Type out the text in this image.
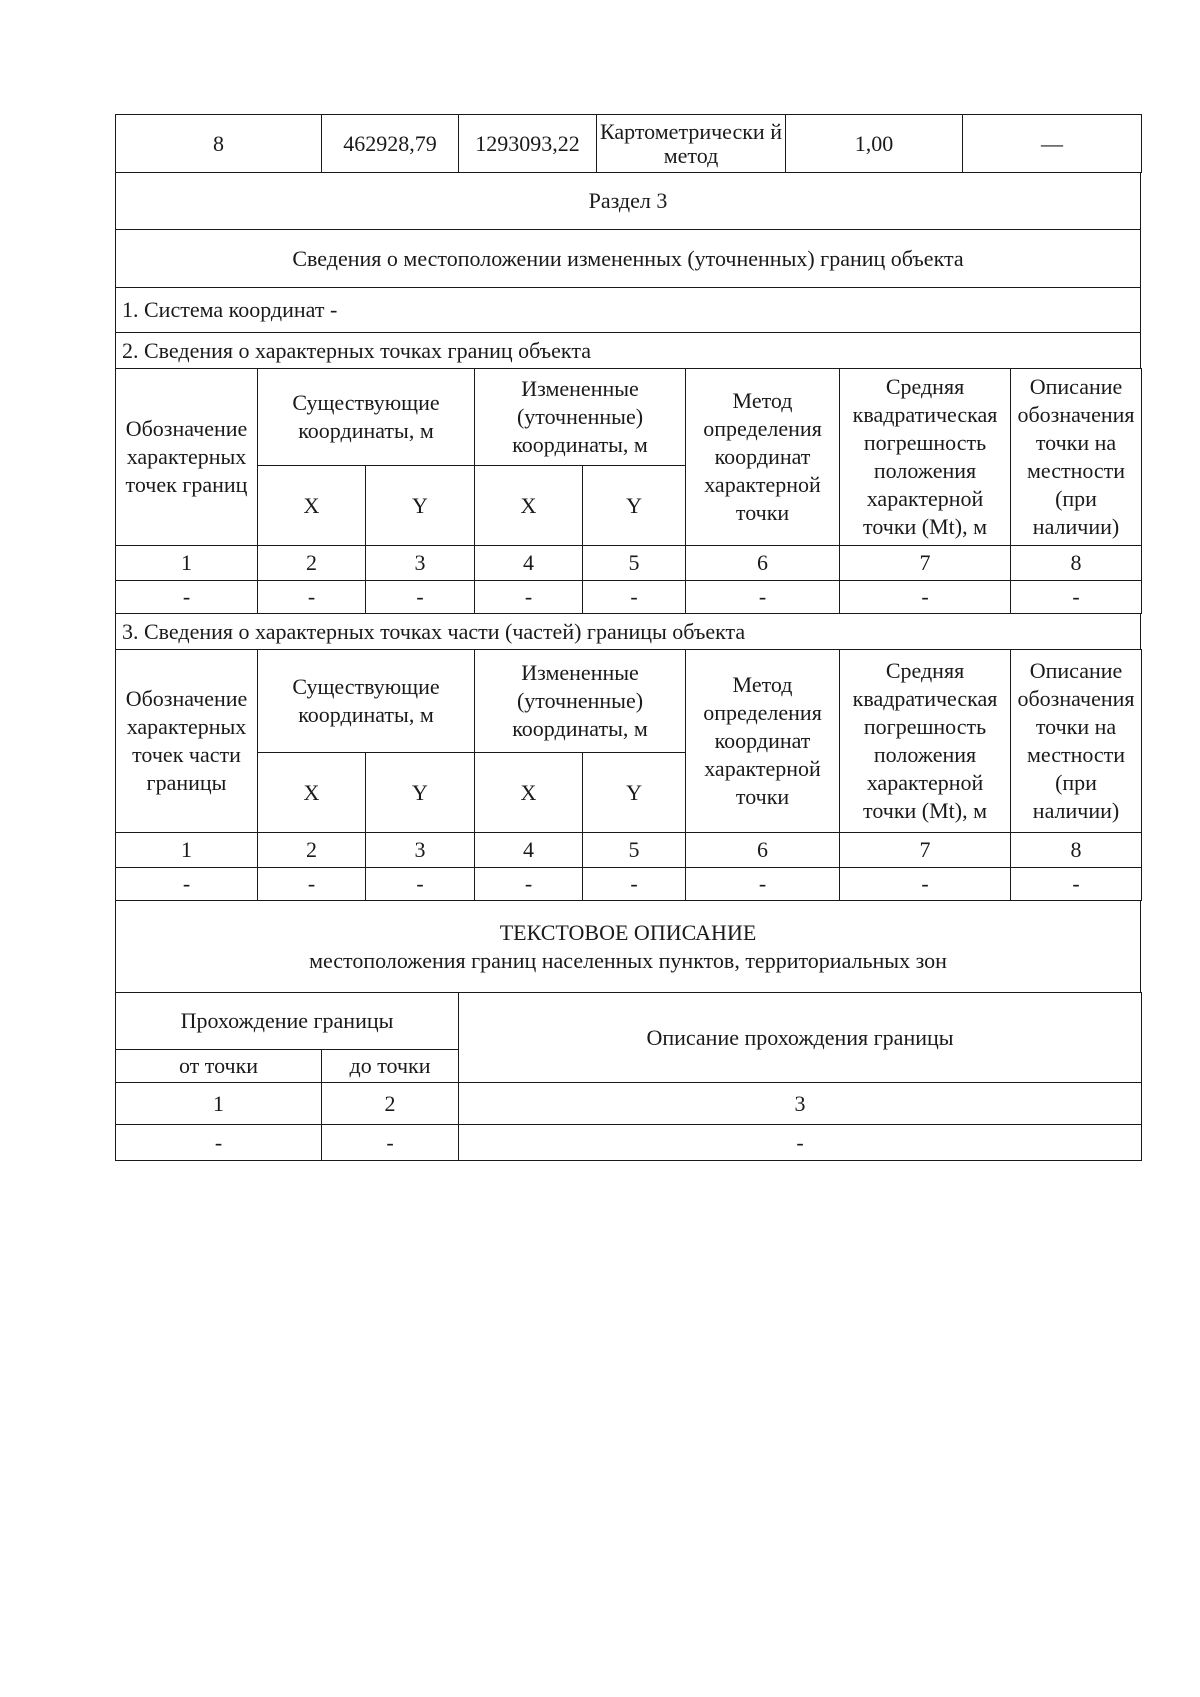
8	462928,79	1293093,22	Картометрически й метод	1,00	—
Раздел 3
Сведения о местоположении измененных (уточненных) границ объекта
1. Система координат -
2. Сведения о характерных точках границ объекта
Обозначение характерных точек границ	Существующие координаты, м		Измененные (уточненные) координаты, м		Метод определения координат характерной точки	Средняя квадратическая погрешность положения характерной точки (Mt), м	Описание обозначения точки на местности (при наличии)
	X	Y	X	Y			
1	2	3	4	5	6	7	8
-	-	-	-	-	-	-	-
3. Сведения о характерных точках части (частей) границы объекта
Обозначение характерных точек части границы	Существующие координаты, м		Измененные (уточненные) координаты, м		Метод определения координат характерной точки	Средняя квадратическая погрешность положения характерной точки (Mt), м	Описание обозначения точки на местности (при наличии)
	X	Y	X	Y			
1	2	3	4	5	6	7	8
-	-	-	-	-	-	-	-
ТЕКСТОВОЕ ОПИСАНИЕ
местоположения границ населенных пунктов, территориальных зон
Прохождение границы		Описание прохождения границы
от точки	до точки	
1	2	3
-	-	-
